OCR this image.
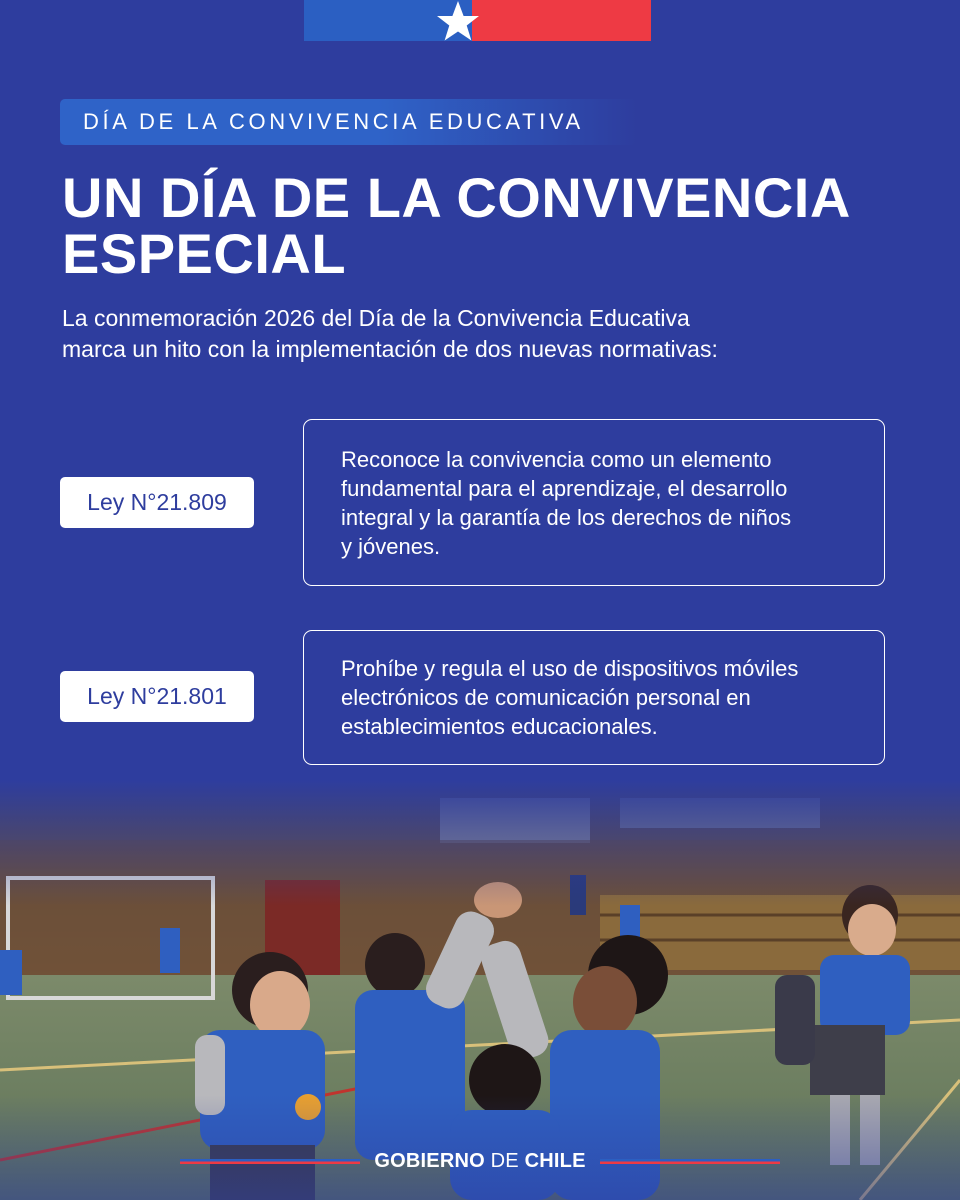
DÍA DE LA CONVIVENCIA EDUCATIVA
UN DÍA DE LA CONVIVENCIA
ESPECIAL
La conmemoración 2026 del Día de la Convivencia Educativa
marca un hito con la implementación de dos nuevas normativas:
Ley N°21.809
Reconoce la convivencia como un elemento
fundamental para el aprendizaje, el desarrollo
integral y la garantía de los derechos de niños
y jóvenes.
Ley N°21.801
Prohíbe y regula el uso de dispositivos móviles
electrónicos de comunicación personal en
establecimientos educacionales.
GOBIERNO DE CHILE
